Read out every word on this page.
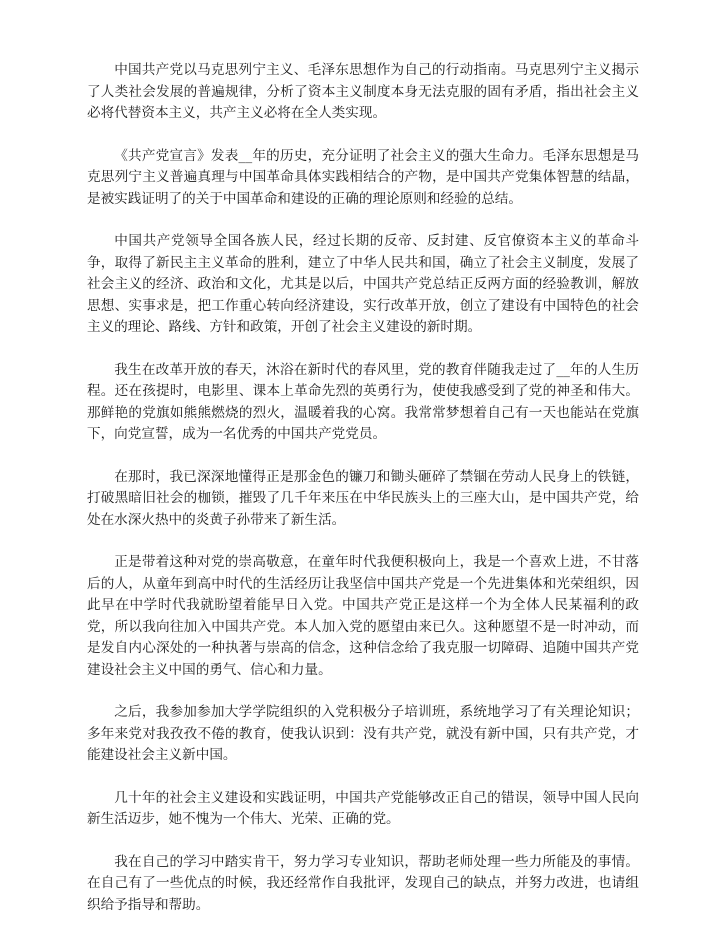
中国共产党以马克思列宁主义、毛泽东思想作为自己的行动指南。马克思列宁主义揭示了人类社会发展的普遍规律，分析了资本主义制度本身无法克服的固有矛盾，指出社会主义必将代替资本主义，共产主义必将在全人类实现。

《共产党宣言》发表__年的历史，充分证明了社会主义的强大生命力。毛泽东思想是马克思列宁主义普遍真理与中国革命具体实践相结合的产物，是中国共产党集体智慧的结晶，是被实践证明了的关于中国革命和建设的正确的理论原则和经验的总结。

中国共产党领导全国各族人民，经过长期的反帝、反封建、反官僚资本主义的革命斗争，取得了新民主主义革命的胜利，建立了中华人民共和国，确立了社会主义制度，发展了社会主义的经济、政治和文化，尤其是以后，中国共产党总结正反两方面的经验教训，解放思想、实事求是，把工作重心转向经济建设，实行改革开放，创立了建设有中国特色的社会主义的理论、路线、方针和政策，开创了社会主义建设的新时期。

我生在改革开放的春天，沐浴在新时代的春风里，党的教育伴随我走过了__年的人生历程。还在孩提时，电影里、课本上革命先烈的英勇行为，使使我感受到了党的神圣和伟大。那鲜艳的党旗如熊熊燃烧的烈火，温暖着我的心窝。我常常梦想着自己有一天也能站在党旗下，向党宣誓，成为一名优秀的中国共产党党员。

在那时，我已深深地懂得正是那金色的镰刀和锄头砸碎了禁锢在劳动人民身上的铁链，打破黑暗旧社会的枷锁，摧毁了几千年来压在中华民族头上的三座大山，是中国共产党，给处在水深火热中的炎黄子孙带来了新生活。

正是带着这种对党的崇高敬意，在童年时代我便积极向上，我是一个喜欢上进，不甘落后的人，从童年到高中时代的生活经历让我坚信中国共产党是一个先进集体和光荣组织，因此早在中学时代我就盼望着能早日入党。中国共产党正是这样一个为全体人民某福利的政党，所以我向往加入中国共产党。本人加入党的愿望由来已久。这种愿望不是一时冲动，而是发自内心深处的一种执著与崇高的信念，这种信念给了我克服一切障碍、追随中国共产党建设社会主义中国的勇气、信心和力量。

之后，我参加参加大学学院组织的入党积极分子培训班，系统地学习了有关理论知识；多年来党对我孜孜不倦的教育，使我认识到：没有共产党，就没有新中国，只有共产党，才能建设社会主义新中国。

几十年的社会主义建设和实践证明，中国共产党能够改正自己的错误，领导中国人民向新生活迈步，她不愧为一个伟大、光荣、正确的党。

我在自己的学习中踏实肯干，努力学习专业知识，帮助老师处理一些力所能及的事情。在自己有了一些优点的时候，我还经常作自我批评，发现自己的缺点，并努力改进，也请组织给予指导和帮助。
